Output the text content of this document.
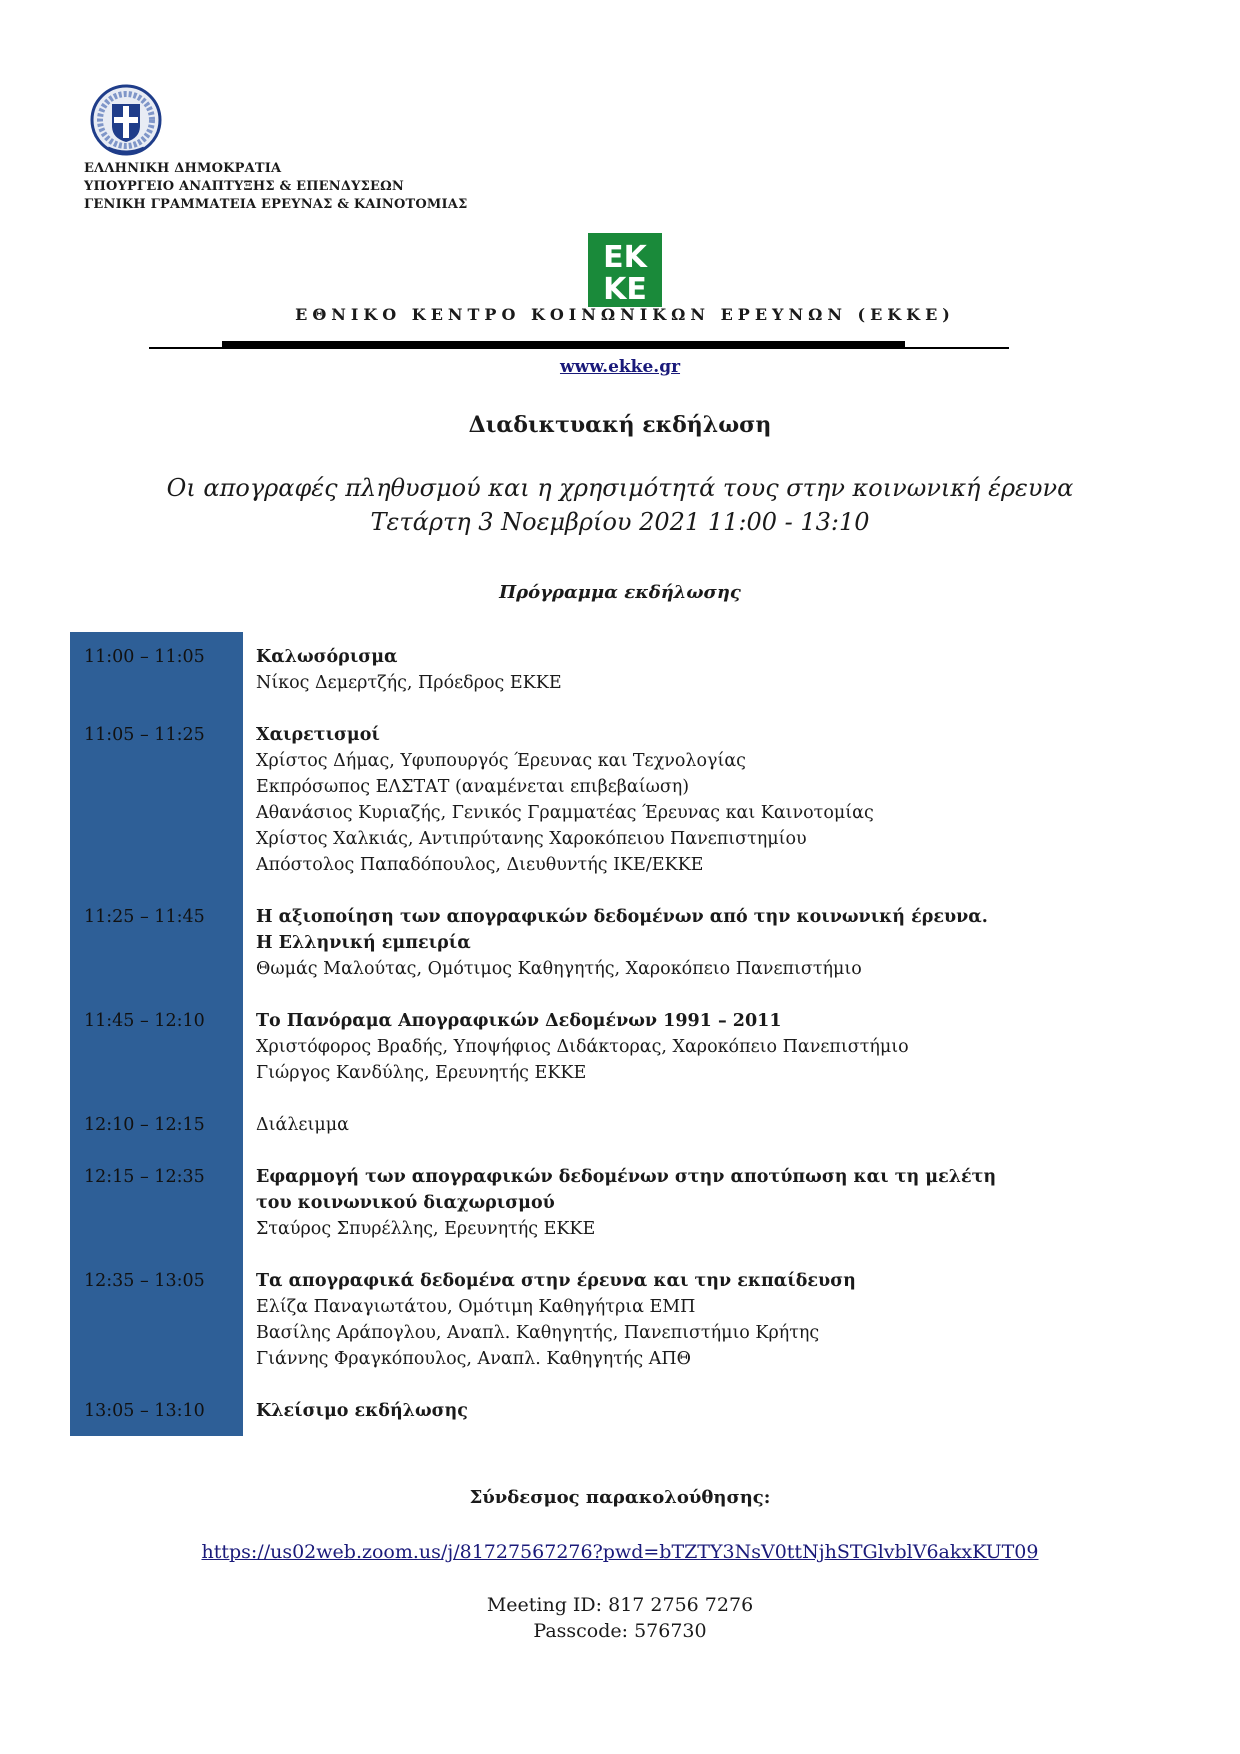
ΕΛΛΗΝΙΚΗ ΔΗΜΟΚΡΑΤΙΑ
ΥΠΟΥΡΓΕΙΟ ΑΝΑΠΤΥΞΗΣ & ΕΠΕΝΔΥΣΕΩΝ
ΓΕΝΙΚΗ ΓΡΑΜΜΑΤΕΙΑ ΕΡΕΥΝΑΣ & ΚΑΙΝΟΤΟΜΙΑΣ
EK
KE
ΕΘΝΙΚΟ ΚΕΝΤΡΟ ΚΟΙΝΩΝΙΚΩΝ ΕΡΕΥΝΩΝ (ΕΚΚΕ)
www.ekke.gr
Διαδικτυακή εκδήλωση
Οι απογραφές πληθυσμού και η χρησιμότητά τους στην κοινωνική έρευνα
Τετάρτη 3 Νοεμβρίου 2021 11:00 - 13:10
Πρόγραμμα εκδήλωσης
11:00 – 11:05	Καλωσόρισμα
Νίκος Δεμερτζής, Πρόεδρος ΕΚΚΕ
11:05 – 11:25	Χαιρετισμοί
Χρίστος Δήμας, Υφυπουργός Έρευνας και Τεχνολογίας
Εκπρόσωπος ΕΛΣΤΑΤ (αναμένεται επιβεβαίωση)
Αθανάσιος Κυριαζής, Γενικός Γραμματέας Έρευνας και Καινοτομίας
Χρίστος Χαλκιάς, Αντιπρύτανης Χαροκόπειου Πανεπιστημίου
Απόστολος Παπαδόπουλος, Διευθυντής ΙΚΕ/ΕΚΚΕ
11:25 – 11:45	Η αξιοποίηση των απογραφικών δεδομένων από την κοινωνική έρευνα. Η Ελληνική εμπειρία
Θωμάς Μαλούτας, Ομότιμος Καθηγητής, Χαροκόπειο Πανεπιστήμιο
11:45 – 12:10	Το Πανόραμα Απογραφικών Δεδομένων 1991 – 2011
Χριστόφορος Βραδής, Υποψήφιος Διδάκτορας, Χαροκόπειο Πανεπιστήμιο
Γιώργος Κανδύλης, Ερευνητής ΕΚΚΕ
12:10 – 12:15	Διάλειμμα
12:15 – 12:35	Εφαρμογή των απογραφικών δεδομένων στην αποτύπωση και τη μελέτη του κοινωνικού διαχωρισμού
Σταύρος Σπυρέλλης, Ερευνητής ΕΚΚΕ
12:35 – 13:05	Τα απογραφικά δεδομένα στην έρευνα και την εκπαίδευση
Ελίζα Παναγιωτάτου, Ομότιμη Καθηγήτρια ΕΜΠ
Βασίλης Αράπογλου, Αναπλ. Καθηγητής, Πανεπιστήμιο Κρήτης
Γιάννης Φραγκόπουλος, Αναπλ. Καθηγητής ΑΠΘ
13:05 – 13:10	Κλείσιμο εκδήλωσης
Σύνδεσμος παρακολούθησης:
https://us02web.zoom.us/j/81727567276?pwd=bTZTY3NsV0ttNjhSTGlvblV6akxKUT09
Meeting ID: 817 2756 7276
Passcode: 576730
